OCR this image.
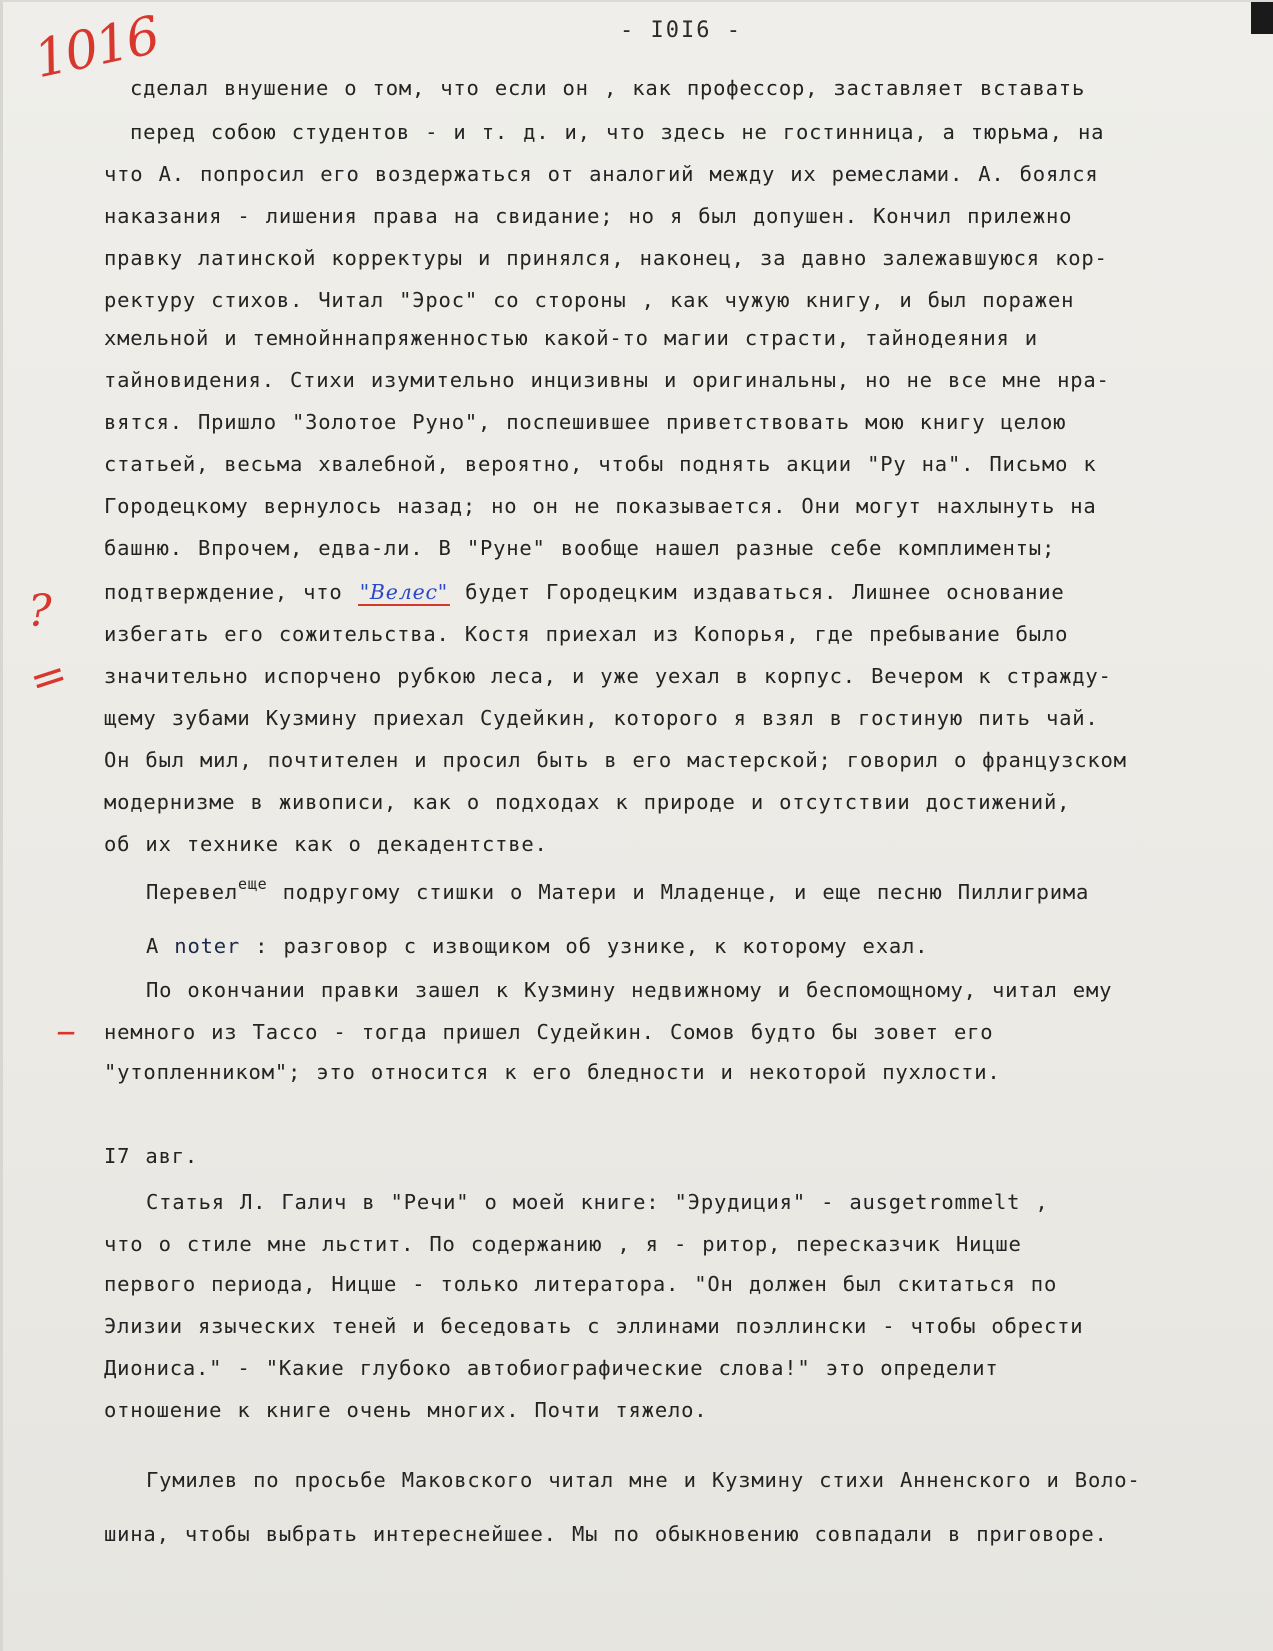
- I0I6 -
1016
?
=
–
сделал внушение о том, что если он , как профессор, заставляет вставать
перед собою студентов - и т. д. и, что здесь не гостинница, а тюрьма, на
что А. попросил его воздержаться от аналогий между их ремеслами. А. боялся
наказания - лишения права на свидание; но я был допушен. Кончил прилежно
правку латинской корректуры и принялся, наконец, за давно залежавшуюся кор-
ректуру стихов. Читал "Эрос" со стороны , как чужую книгу, и был поражен
хмельной и темнойннапряженностью какой-то магии страсти, тайнодеяния и
тайновидения. Стихи изумительно инцизивны и оригинальны, но не все мне нра-
вятся. Пришло "Золотое Руно", поспешившее приветствовать мою книгу целою
статьей, весьма хвалебной, вероятно, чтобы поднять акции "Ру на". Письмо к
Городецкому вернулось назад; но он не показывается. Они могут нахлынуть на
башню. Впрочем, едва-ли. В "Руне" вообще нашел разные себе комплименты;
подтверждение, что "Велес" будет Городецким издаваться. Лишнее основание
избегать его сожительства. Костя приехал из Копорья, где пребывание было
значительно испорчено рубкою леса, и уже уехал в корпус. Вечером к стражду-
щему зубами Кузмину приехал Судейкин, которого я взял в гостиную пить чай.
Он был мил, почтителен и просил быть в его мастерской; говорил о французском
модернизме в живописи, как о подходах к природе и отсутствии достижений,
об их технике как о декадентстве.
Перевел$^{еще}$ подругому стишки о Матери и Младенце, и еще песню Пиллигрима
А noter : разговор с извощиком об узнике, к которому ехал.
По окончании правки зашел к Кузмину недвижному и беспомощному, читал ему
немного из Тассо - тогда пришел Судейкин. Сомов будто бы зовет его
"утопленником"; это относится к его бледности и некоторой пухлости.
I7 авг.
Статья Л. Галич в "Речи" о моей книге: "Эрудиция" - ausgetrommelt ,
что о стиле мне льстит. По содержанию , я - ритор, пересказчик Ницше
первого периода, Ницше - только литератора. "Он должен был скитаться по
Элизии языческих теней и беседовать с эллинами поэллински - чтобы обрести
Диониса." - "Какие глубоко автобиографические слова!" это определит
отношение к книге очень многих. Почти тяжело.
Гумилев по просьбе Маковского читал мне и Кузмину стихи Анненского и Воло-
шина, чтобы выбрать интереснейшее. Мы по обыкновению совпадали в приговоре.
